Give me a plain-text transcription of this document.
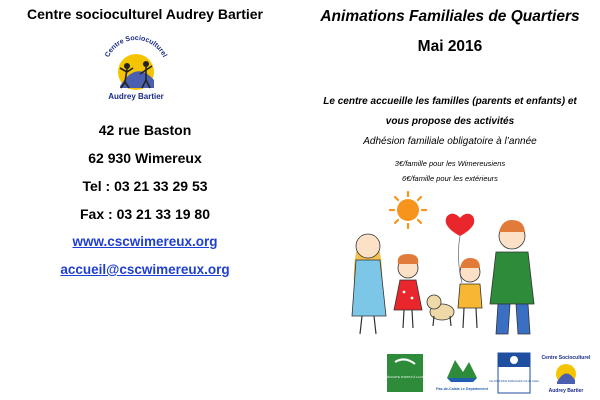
Centre socioculturel Audrey Bartier
Centre Socioculturel
Audrey Bartier
42 rue Baston
62 930 Wimereux
Tel : 03 21 33 29 53
Fax : 03 21 33 19 80
www.cscwimereux.org
accueil@cscwimereux.org
Animations Familiales de Quartiers
Mai 2016
Le centre accueille les familles (parents et enfants) et
vous propose des activités
Adhésion familiale obligatoire à l’année
3€/famille pour les Wimereusiens
6€/famille pour les extérieurs
RÉSEAUX D'ÉCOUTE D'APPUI À LA PARENTALITÉ
Pas-de-Calais Le Département
ALLOCATIONS FAMILIALES Caf du Calais
Centre Socioculturel
Audrey Bartier
